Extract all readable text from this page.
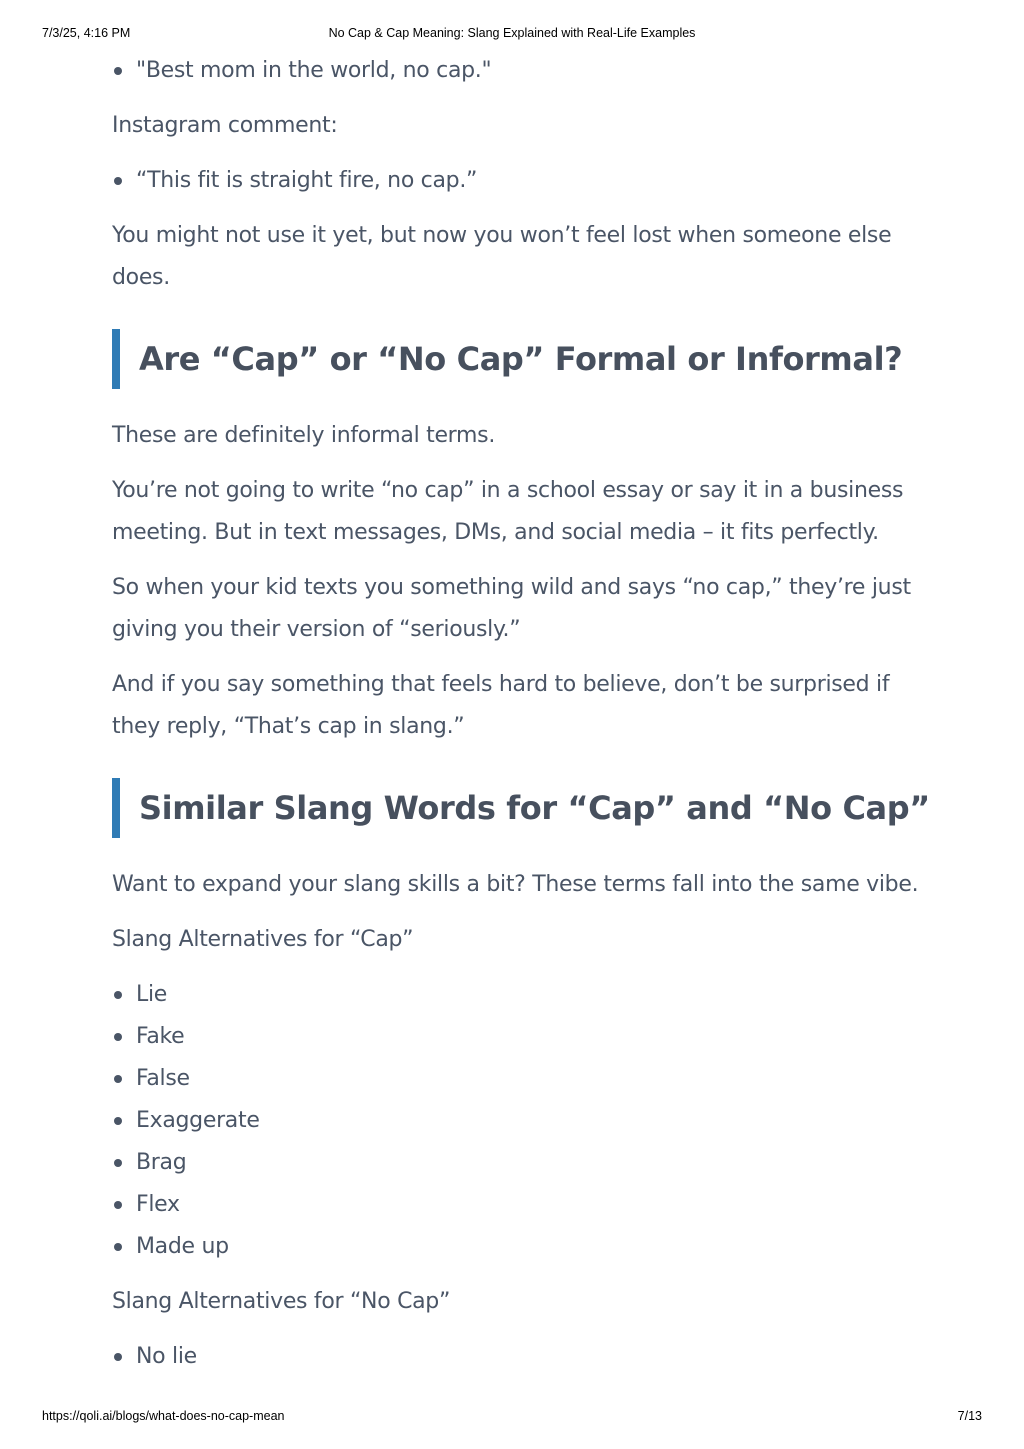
7/3/25, 4:16 PM	No Cap & Cap Meaning: Slang Explained with Real-Life Examples
"Best mom in the world, no cap."

Instagram comment:

“This fit is straight fire, no cap.”

You might not use it yet, but now you won’t feel lost when someone else does.

Are “Cap” or “No Cap” Formal or Informal?

These are definitely informal terms.

You’re not going to write “no cap” in a school essay or say it in a business meeting. But in text messages, DMs, and social media – it fits perfectly.

So when your kid texts you something wild and says “no cap,” they’re just giving you their version of “seriously.”

And if you say something that feels hard to believe, don’t be surprised if they reply, “That’s cap in slang.”

Similar Slang Words for “Cap” and “No Cap”

Want to expand your slang skills a bit? These terms fall into the same vibe.

Slang Alternatives for “Cap”

Lie
Fake
False
Exaggerate
Brag
Flex
Made up

Slang Alternatives for “No Cap”

No lie
https://qoli.ai/blogs/what-does-no-cap-mean	7/13
